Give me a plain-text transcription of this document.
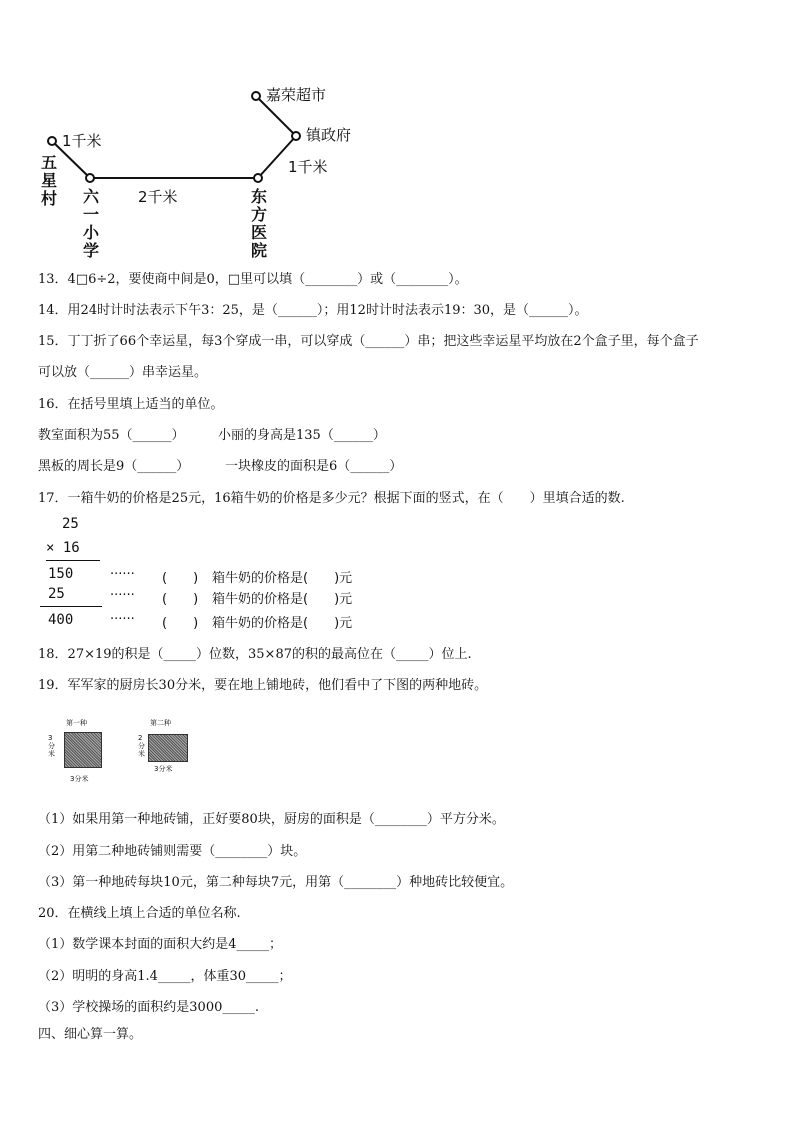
五星村 六一小学
东方医院
镇政府
嘉荣超市
1千米
2千米
1千米
13．4□6÷2，要使商中间是0，□里可以填（________）或（________）。
14．用24时计时法表示下午3：25，是（______）；用12时计时法表示19：30，是（______）。
15．丁丁折了66个幸运星，每3个穿成一串，可以穿成（______）串；把这些幸运星平均放在2个盒子里，每个盒子
可以放（______）串幸运星。
16．在括号里填上适当的单位。
教室面积为55（______）	小丽的身高是135（______）
黑板的周长是9（______）	一块橡皮的面积是6（______）
17．一箱牛奶的价格是25元，16箱牛奶的价格是多少元？根据下面的竖式，在（　　）里填合适的数.
25
× 16
150
25
400
······ (　　) 箱牛奶的价格是(　　)元
······ (　　) 箱牛奶的价格是(　　)元
······ (　　) 箱牛奶的价格是(　　)元
18．27×19的积是（_____）位数，35×87的积的最高位在（_____）位上.
19．军军家的厨房长30分米，要在地上铺地砖，他们看中了下图的两种地砖。
第一种
3分米
3分米
第二种
2分米
3分米
（1）如果用第一种地砖铺，正好要80块，厨房的面积是（________）平方分米。
（2）用第二种地砖铺则需要（________）块。
（3）第一种地砖每块10元，第二种每块7元，用第（________）种地砖比较便宜。
20．在横线上填上合适的单位名称.
（1）数学课本封面的面积大约是4_____；
（2）明明的身高1.4_____，体重30_____；
（3）学校操场的面积约是3000_____.
四、细心算一算。
